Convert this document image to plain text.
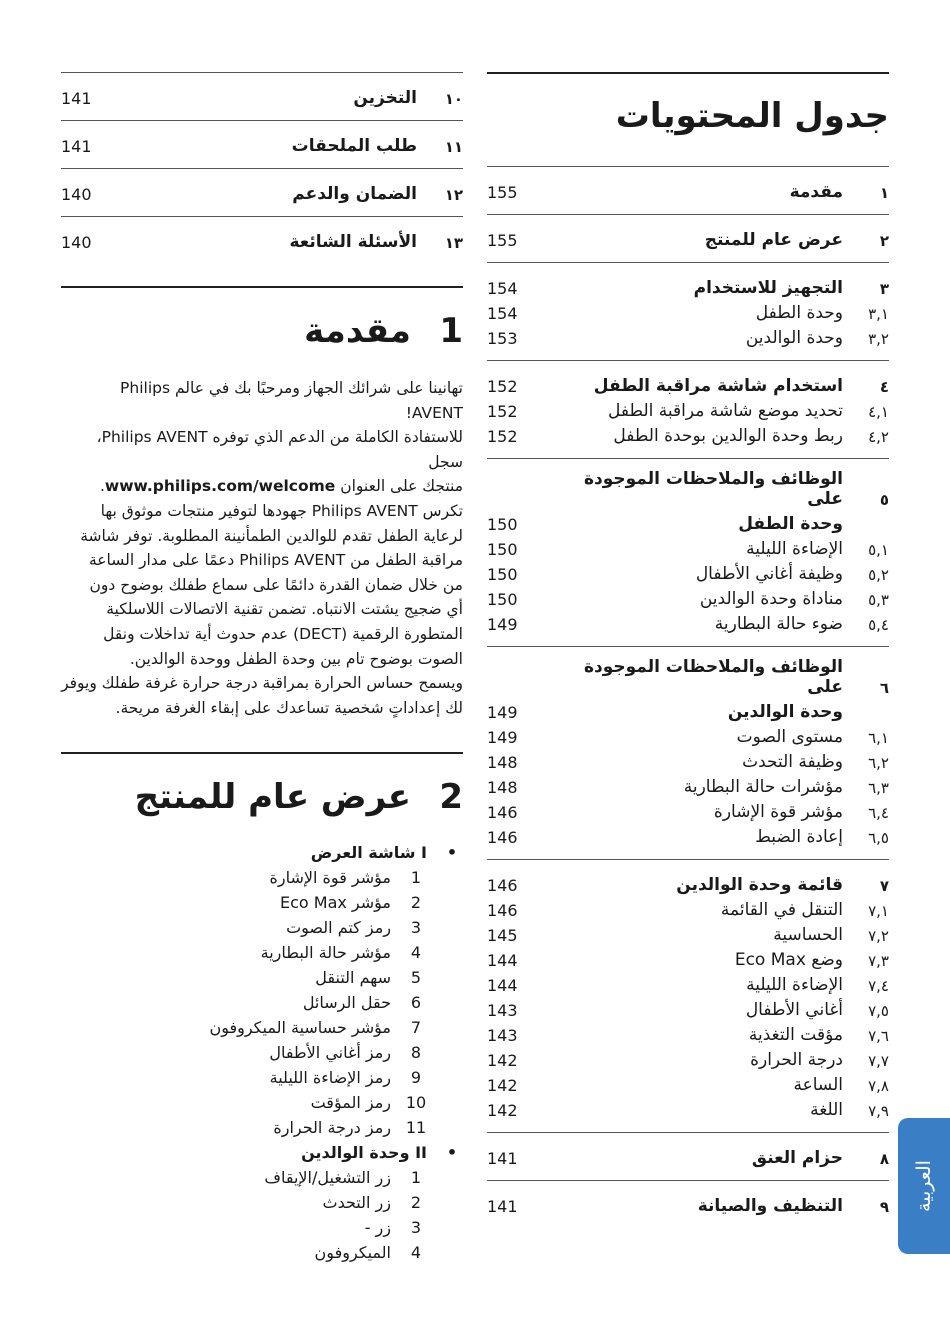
جدول المحتويات
155	مقدمة	١
155	عرض عام للمنتج	٢
154	التجهيز للاستخدام	٣
154	وحدة الطفل	٣,١
153	وحدة الوالدين	٣,٢
152	استخدام شاشة مراقبة الطفل	٤
152	تحديد موضع شاشة مراقبة الطفل	٤,١
152	ربط وحدة الوالدين بوحدة الطفل	٤,٢
الوظائف والملاحظات الموجودة على	٥
150	وحدة الطفل
150	الإضاءة الليلية	٥,١
150	وظيفة أغاني الأطفال	٥,٢
150	مناداة وحدة الوالدين	٥,٣
149	ضوء حالة البطارية	٥,٤
الوظائف والملاحظات الموجودة على	٦
149	وحدة الوالدين
149	مستوى الصوت	٦,١
148	وظيفة التحدث	٦,٢
148	مؤشرات حالة البطارية	٦,٣
146	مؤشر قوة الإشارة	٦,٤
146	إعادة الضبط	٦,٥
146	قائمة وحدة الوالدين	٧
146	التنقل في القائمة	٧,١
145	الحساسية	٧,٢
144	وضع Eco Max	٧,٣
144	الإضاءة الليلية	٧,٤
143	أغاني الأطفال	٧,٥
143	مؤقت التغذية	٧,٦
142	درجة الحرارة	٧,٧
142	الساعة	٧,٨
142	اللغة	٧,٩
141	حزام العنق	٨
141	التنظيف والصيانة	٩
141	التخزين	١٠
141	طلب الملحقات	١١
140	الضمان والدعم	١٢
140	الأسئلة الشائعة	١٣
1
مقدمة
تهانينا على شرائك الجهاز ومرحبًا بك في عالم Philips AVENT!
للاستفادة الكاملة من الدعم الذي توفره Philips AVENT، سجل
منتجك على العنوان www.philips.com/welcome.
تكرس Philips AVENT جهودها لتوفير منتجات موثوق بها
لرعاية الطفل تقدم للوالدين الطمأنينة المطلوبة. توفر شاشة
مراقبة الطفل من Philips AVENT دعمًا على مدار الساعة
من خلال ضمان القدرة دائمًا على سماع طفلك بوضوح دون
أي ضجيج يشتت الانتباه. تضمن تقنية الاتصالات اللاسلكية
المتطورة الرقمية (DECT) عدم حدوث أية تداخلات ونقل
الصوت بوضوح تام بين وحدة الطفل ووحدة الوالدين.
ويسمح حساس الحرارة بمراقبة درجة حرارة غرفة طفلك ويوفر
لك إعداداتٍ شخصية تساعدك على إبقاء الغرفة مريحة.
2
عرض عام للمنتج
•
I شاشة العرض
1
مؤشر قوة الإشارة
2
مؤشر Eco Max
3
رمز كتم الصوت
4
مؤشر حالة البطارية
5
سهم التنقل
6
حقل الرسائل
7
مؤشر حساسية الميكروفون
8
رمز أغاني الأطفال
9
رمز الإضاءة الليلية
10
رمز المؤقت
11
رمز درجة الحرارة
•
II وحدة الوالدين
1
زر التشغيل/الإيقاف
2
زر التحدث
3
زر -
4
الميكروفون
العربية
